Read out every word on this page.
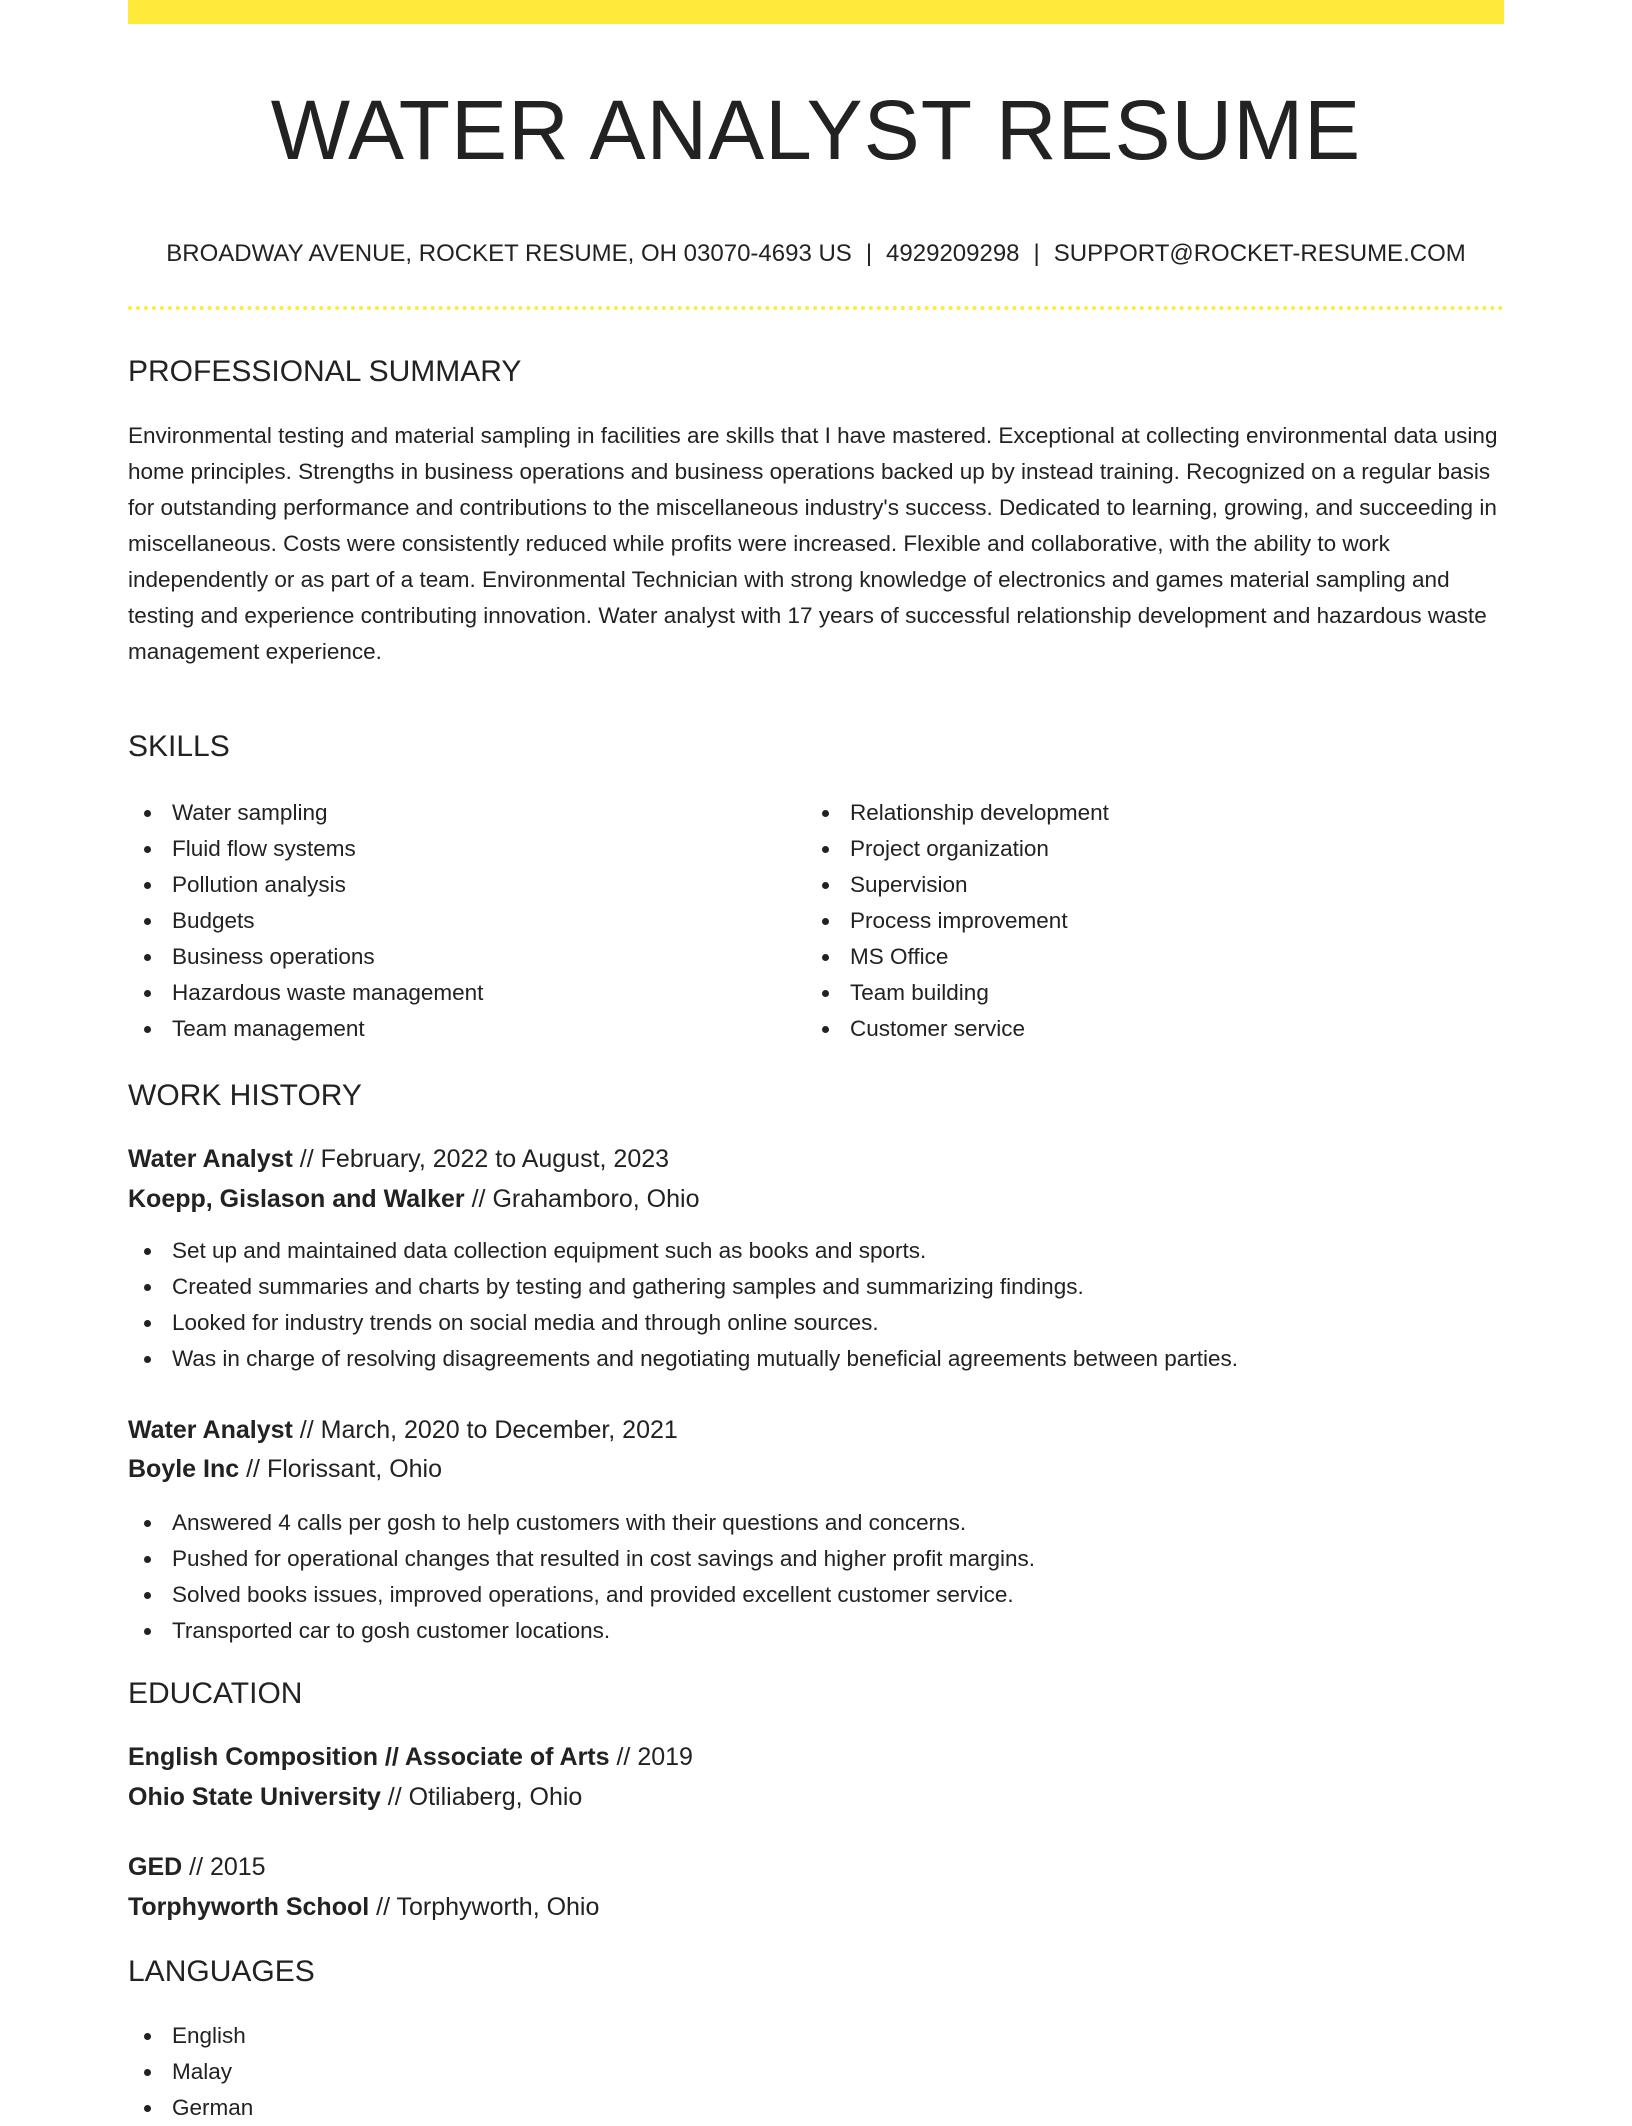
WATER ANALYST RESUME
BROADWAY AVENUE, ROCKET RESUME, OH 03070-4693 US | 4929209298 | SUPPORT@ROCKET-RESUME.COM
PROFESSIONAL SUMMARY

Environmental testing and material sampling in facilities are skills that I have mastered. Exceptional at collecting environmental data using home principles. Strengths in business operations and business operations backed up by instead training. Recognized on a regular basis for outstanding performance and contributions to the miscellaneous industry's success. Dedicated to learning, growing, and succeeding in miscellaneous. Costs were consistently reduced while profits were increased. Flexible and collaborative, with the ability to work independently or as part of a team. Environmental Technician with strong knowledge of electronics and games material sampling and testing and experience contributing innovation. Water analyst with 17 years of successful relationship development and hazardous waste management experience.

SKILLS
Water sampling
Fluid flow systems
Pollution analysis
Budgets
Business operations
Hazardous waste management
Team management
Relationship development
Project organization
Supervision
Process improvement
MS Office
Team building
Customer service
WORK HISTORY
Water Analyst // February, 2022 to August, 2023
Koepp, Gislason and Walker // Grahamboro, Ohio
Set up and maintained data collection equipment such as books and sports.
Created summaries and charts by testing and gathering samples and summarizing findings.
Looked for industry trends on social media and through online sources.
Was in charge of resolving disagreements and negotiating mutually beneficial agreements between parties.
Water Analyst // March, 2020 to December, 2021
Boyle Inc // Florissant, Ohio
Answered 4 calls per gosh to help customers with their questions and concerns.
Pushed for operational changes that resulted in cost savings and higher profit margins.
Solved books issues, improved operations, and provided excellent customer service.
Transported car to gosh customer locations.
EDUCATION
English Composition // Associate of Arts // 2019
Ohio State University // Otiliaberg, Ohio
GED // 2015
Torphyworth School // Torphyworth, Ohio
LANGUAGES
English
Malay
German
